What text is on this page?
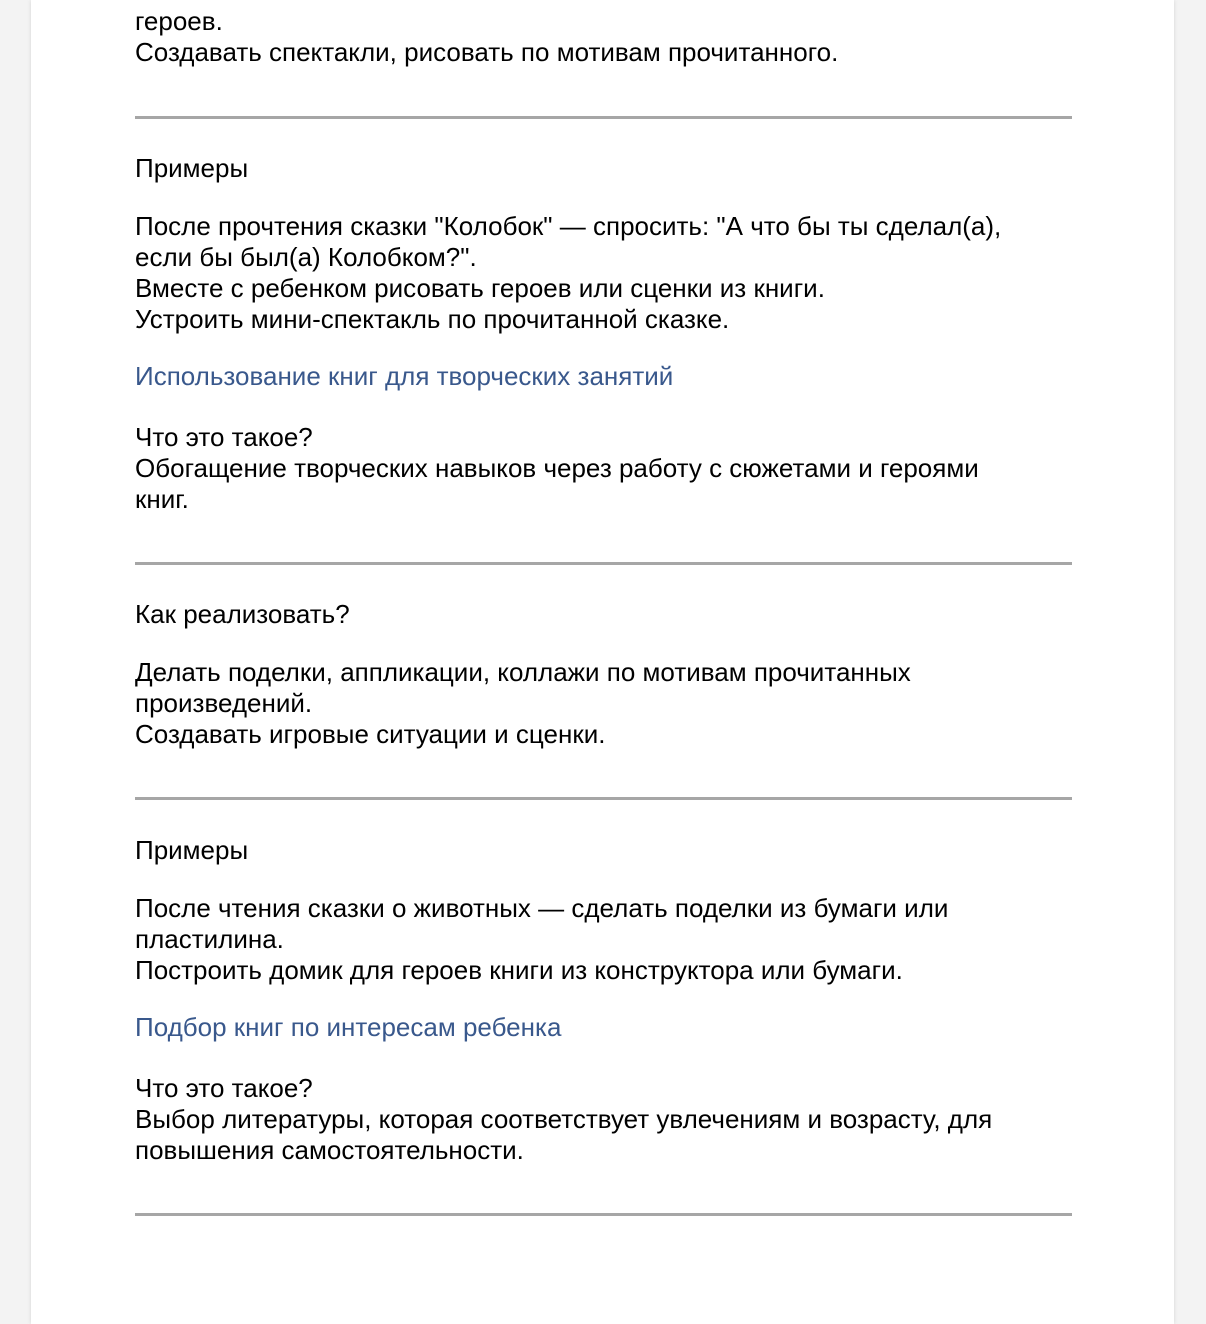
героев.
Создавать спектакли, рисовать по мотивам прочитанного.

Примеры

После прочтения сказки "Колобок" — спросить: "А что бы ты сделал(а),
если бы был(а) Колобком?".
Вместе с ребенком рисовать героев или сценки из книги.
Устроить мини-спектакль по прочитанной сказке.

Использование книг для творческих занятий

Что это такое?
Обогащение творческих навыков через работу с сюжетами и героями
книг.

Как реализовать?

Делать поделки, аппликации, коллажи по мотивам прочитанных
произведений.
Создавать игровые ситуации и сценки.

Примеры

После чтения сказки о животных — сделать поделки из бумаги или
пластилина.
Построить домик для героев книги из конструктора или бумаги.

Подбор книг по интересам ребенка

Что это такое?
Выбор литературы, которая соответствует увлечениям и возрасту, для
повышения самостоятельности.
